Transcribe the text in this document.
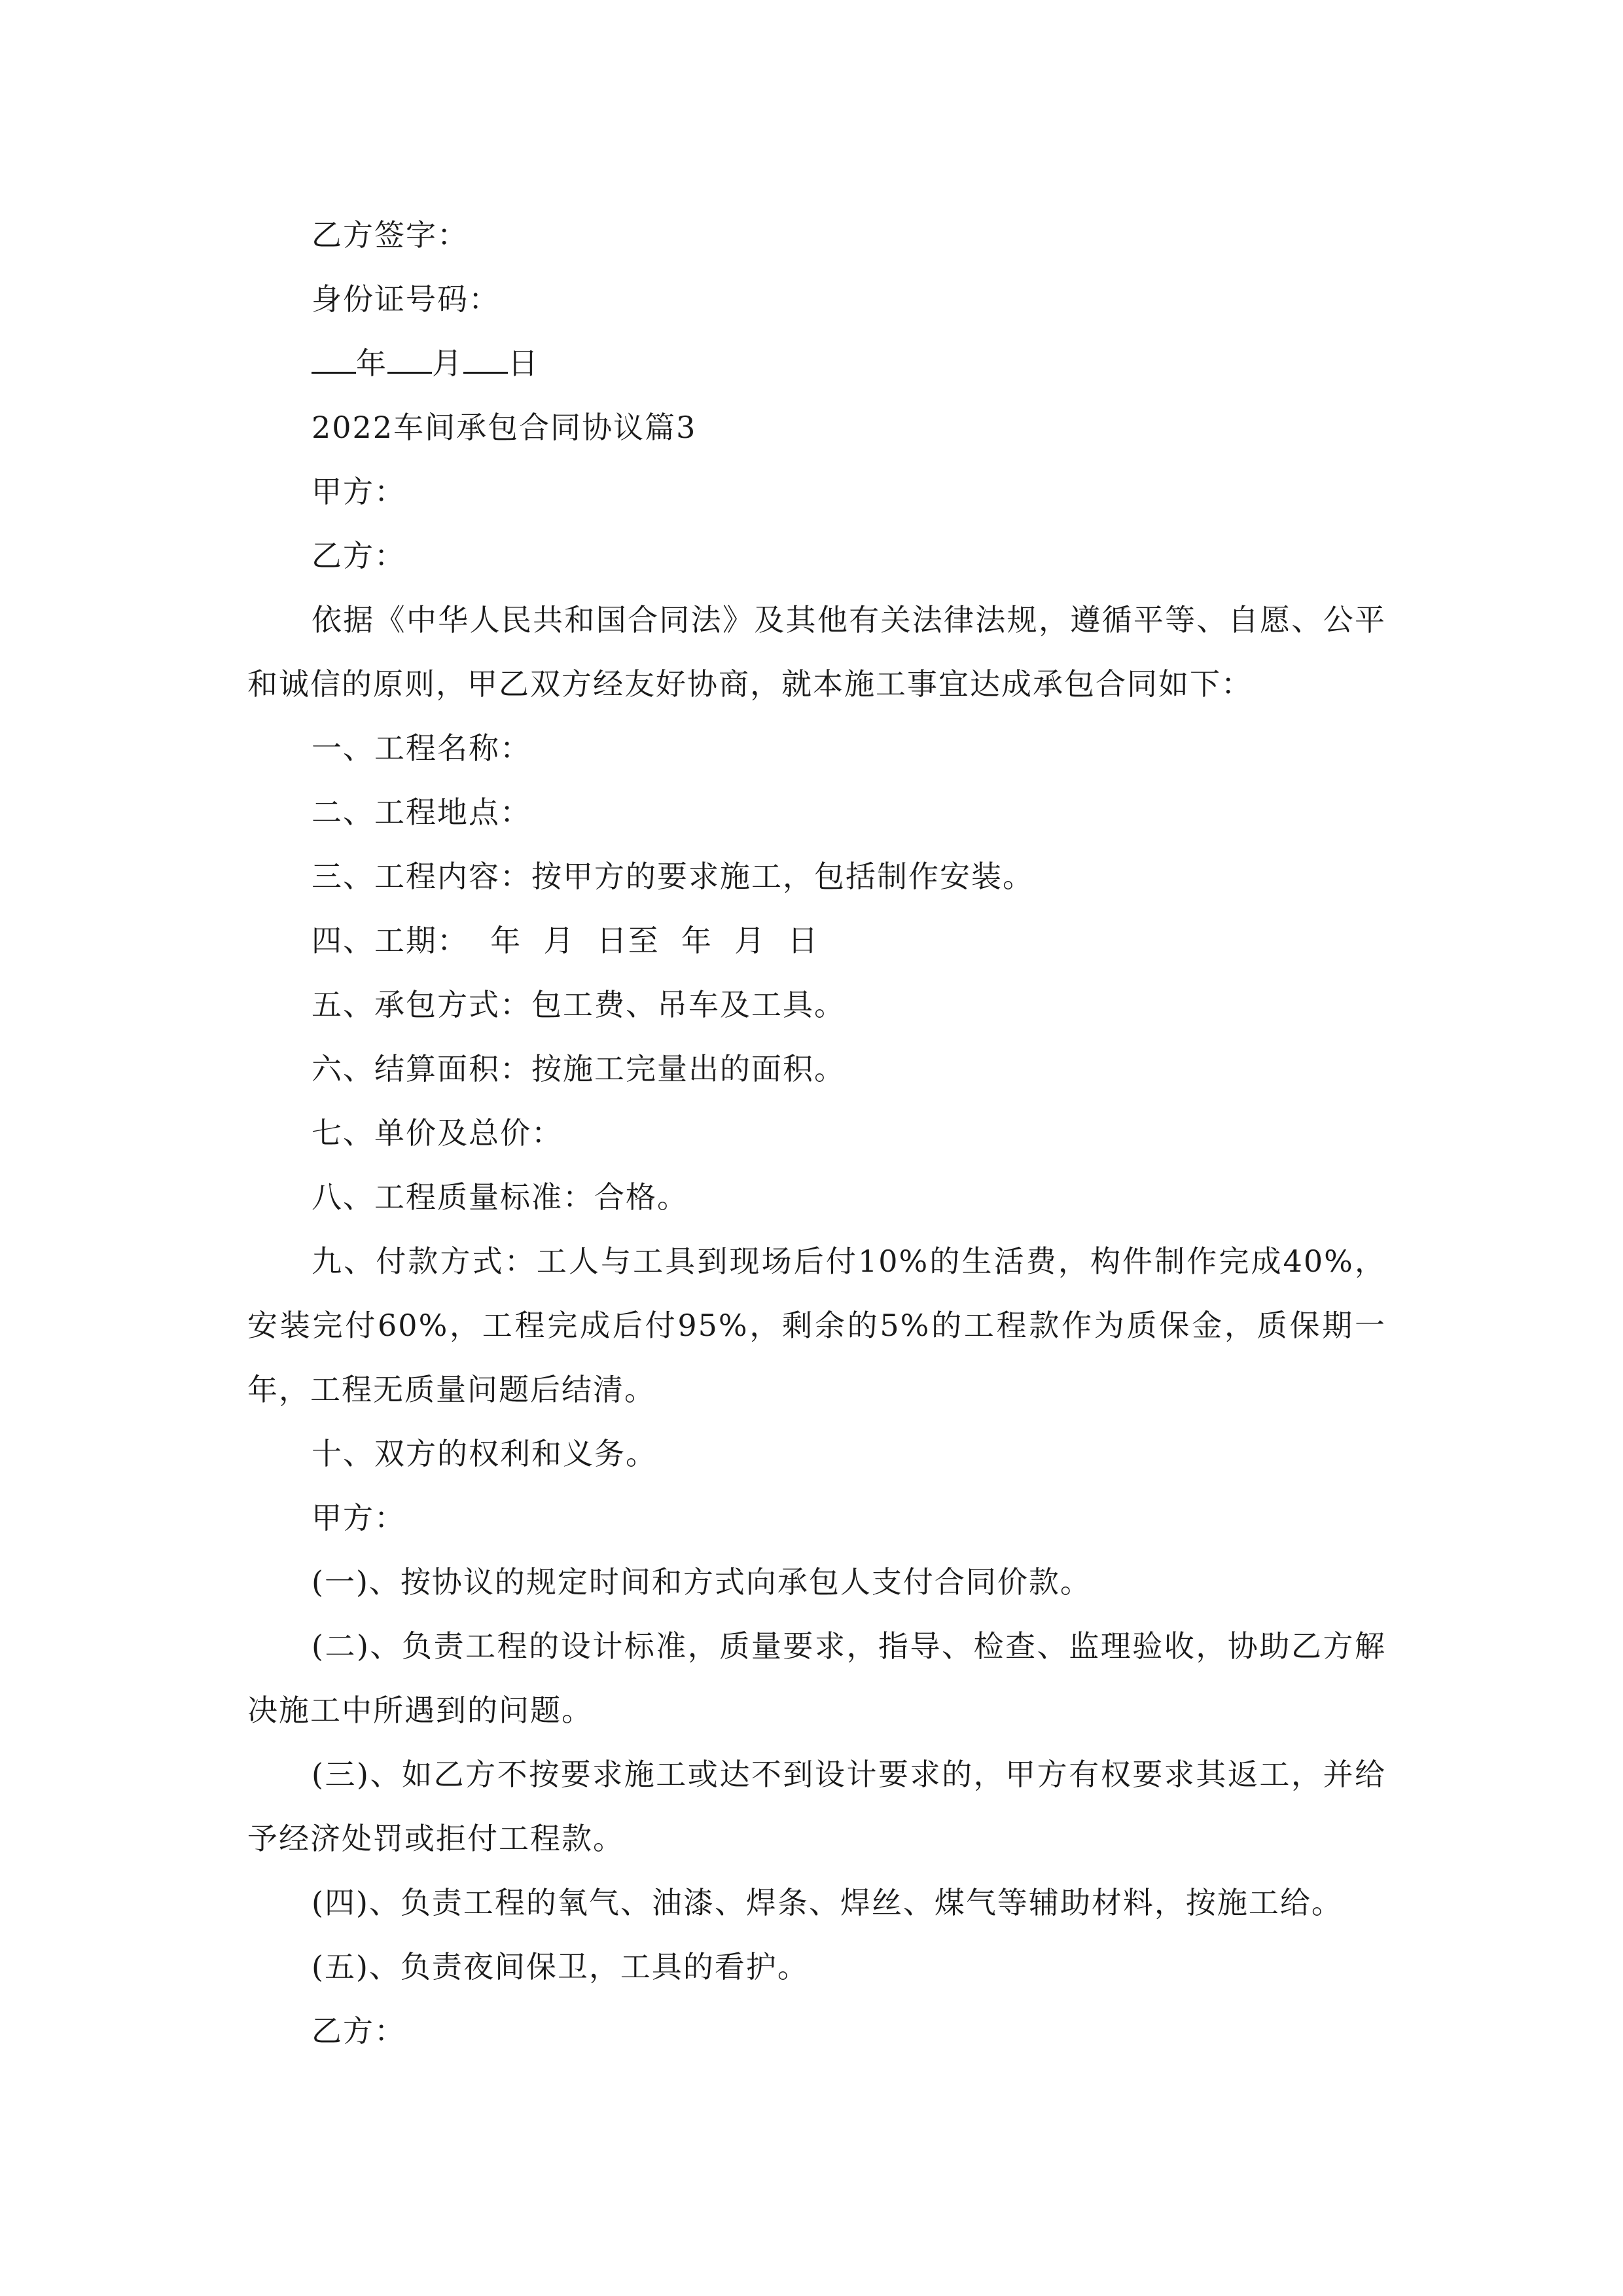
乙方签字：
身份证号码：
年 月 日
2022车间承包合同协议篇3
甲方：
乙方：
依据《中华人民共和国合同法》及其他有关法律法规，遵循平等、自愿、公平和诚信的原则，甲乙双方经友好协商，就本施工事宜达成承包合同如下：
一、工程名称：
二、工程地点：
三、工程内容：按甲方的要求施工，包括制作安装。
四、工期：  年  月  日至  年  月  日
五、承包方式：包工费、吊车及工具。
六、结算面积：按施工完量出的面积。
七、单价及总价：
八、工程质量标准：合格。
九、付款方式：工人与工具到现场后付10%的生活费，构件制作完成40%，安装完付60%，工程完成后付95%，剩余的5%的工程款作为质保金，质保期一年，工程无质量问题后结清。
十、双方的权利和义务。
甲方：
(一)、按协议的规定时间和方式向承包人支付合同价款。
(二)、负责工程的设计标准，质量要求，指导、检查、监理验收，协助乙方解决施工中所遇到的问题。
(三)、如乙方不按要求施工或达不到设计要求的，甲方有权要求其返工，并给予经济处罚或拒付工程款。
(四)、负责工程的氧气、油漆、焊条、焊丝、煤气等辅助材料，按施工给。
(五)、负责夜间保卫，工具的看护。
乙方：
